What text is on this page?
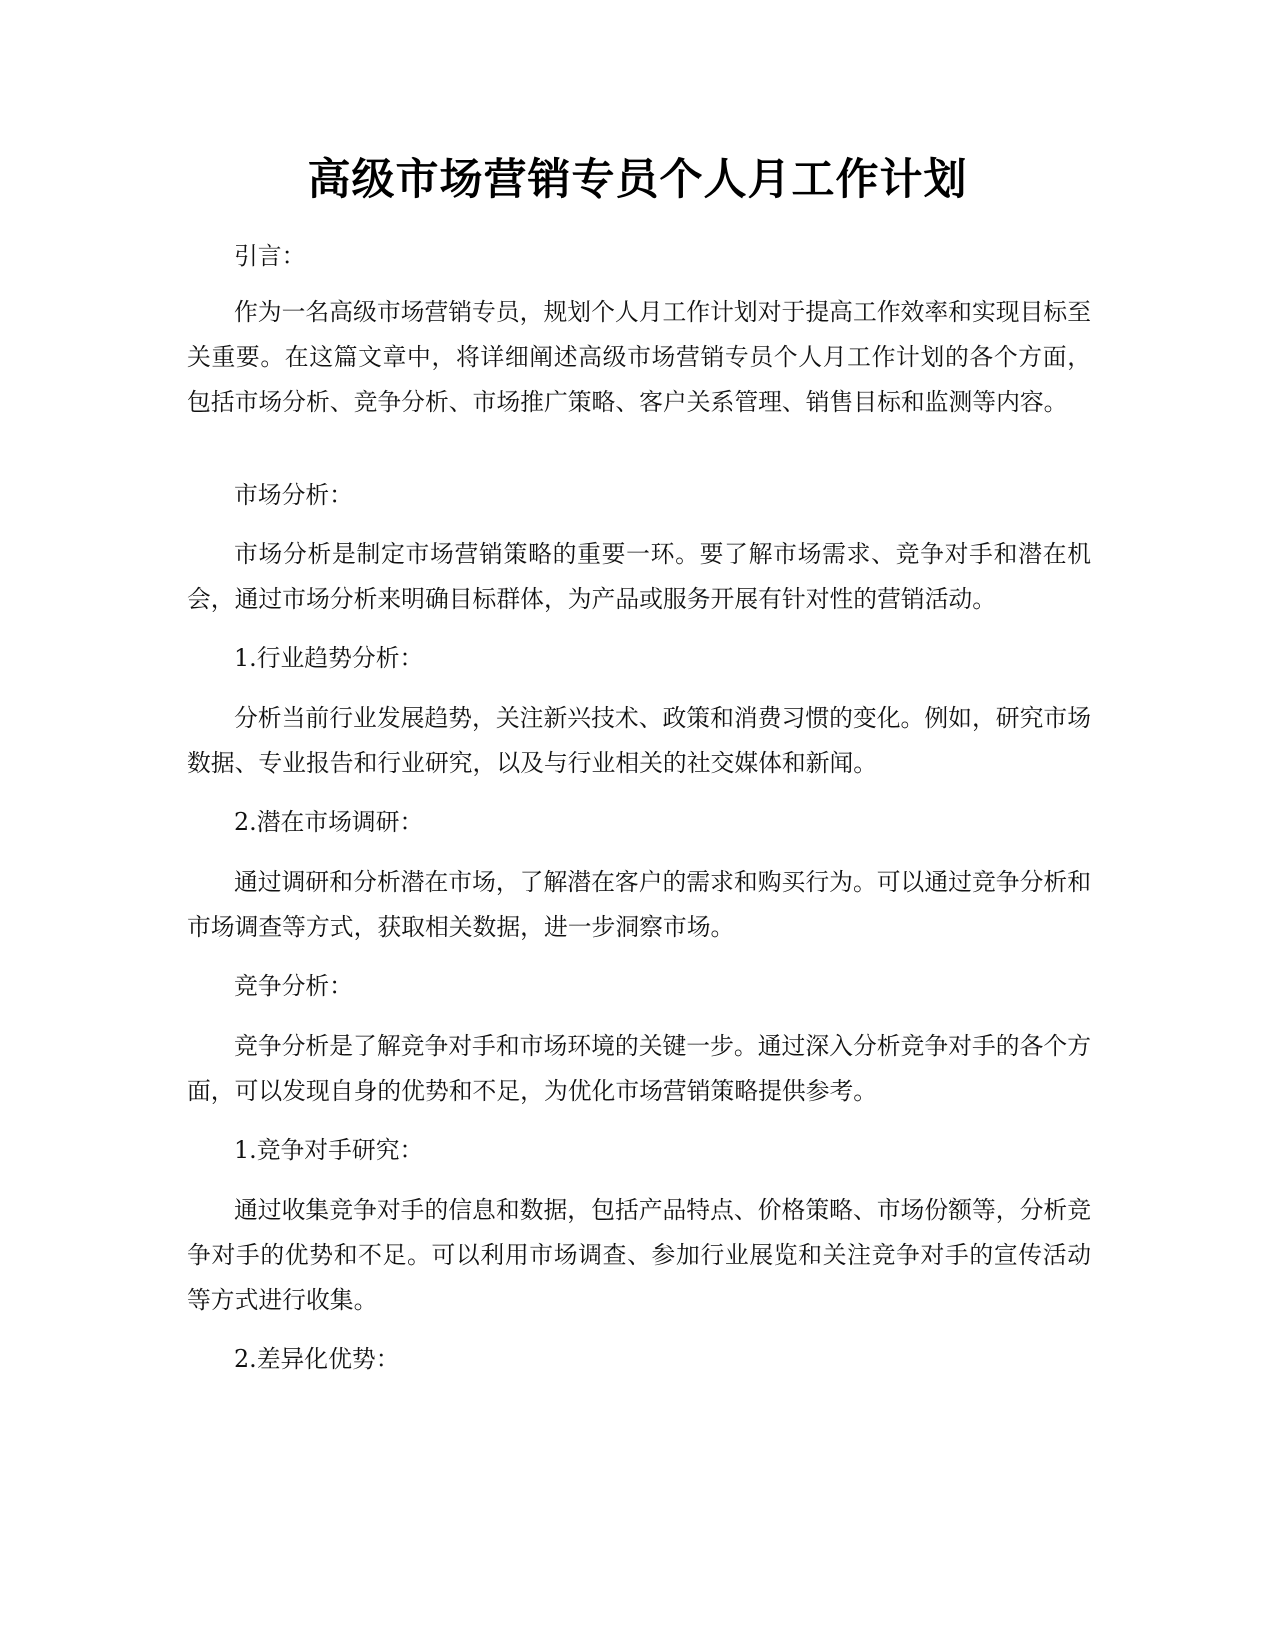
高级市场营销专员个人月工作计划

引言：

作为一名高级市场营销专员，规划个人月工作计划对于提高工作效率和实现目标至关重要。在这篇文章中，将详细阐述高级市场营销专员个人月工作计划的各个方面，包括市场分析、竞争分析、市场推广策略、客户关系管理、销售目标和监测等内容。

市场分析：

市场分析是制定市场营销策略的重要一环。要了解市场需求、竞争对手和潜在机会，通过市场分析来明确目标群体，为产品或服务开展有针对性的营销活动。

1.行业趋势分析：

分析当前行业发展趋势，关注新兴技术、政策和消费习惯的变化。例如，研究市场数据、专业报告和行业研究，以及与行业相关的社交媒体和新闻。

2.潜在市场调研：

通过调研和分析潜在市场，了解潜在客户的需求和购买行为。可以通过竞争分析和市场调查等方式，获取相关数据，进一步洞察市场。

竞争分析：

竞争分析是了解竞争对手和市场环境的关键一步。通过深入分析竞争对手的各个方面，可以发现自身的优势和不足，为优化市场营销策略提供参考。

1.竞争对手研究：

通过收集竞争对手的信息和数据，包括产品特点、价格策略、市场份额等，分析竞争对手的优势和不足。可以利用市场调查、参加行业展览和关注竞争对手的宣传活动等方式进行收集。

2.差异化优势：
